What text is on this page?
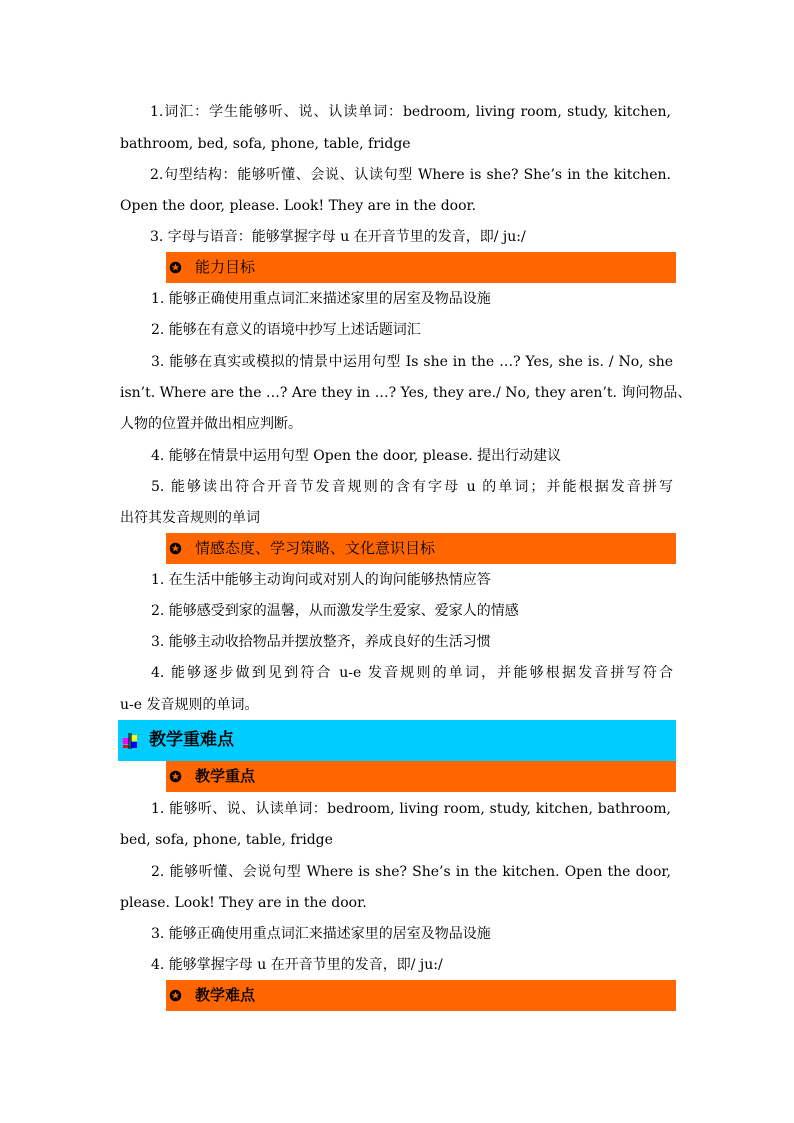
1.词汇：学生能够听、说、认读单词：bedroom, living room, study, kitchen,
bathroom, bed, sofa, phone, table, fridge
2.句型结构：能够听懂、会说、认读句型 Where is she? She’s in the kitchen.
Open the door, please. Look! They are in the door.
3. 字母与语音：能够掌握字母 u 在开音节里的发音，即/ ju:/
能力目标
1. 能够正确使用重点词汇来描述家里的居室及物品设施
2. 能够在有意义的语境中抄写上述话题词汇
3. 能够在真实或模拟的情景中运用句型 Is she in the …? Yes, she is. / No, she
isn’t. Where are the …? Are they in …? Yes, they are./ No, they aren’t. 询问物品、
人物的位置并做出相应判断。
4. 能够在情景中运用句型 Open the door, please. 提出行动建议
5. 能够读出符合开音节发音规则的含有字母 u 的单词；并能根据发音拼写
出符其发音规则的单词
情感态度、学习策略、文化意识目标
1. 在生活中能够主动询问或对别人的询问能够热情应答
2. 能够感受到家的温馨，从而激发学生爱家、爱家人的情感
3. 能够主动收拾物品并摆放整齐，养成良好的生活习惯
4. 能够逐步做到见到符合 u-e 发音规则的单词，并能够根据发音拼写符合
u-e 发音规则的单词。
教学重难点
教学重点
1. 能够听、说、认读单词：bedroom, living room, study, kitchen, bathroom,
bed, sofa, phone, table, fridge
2. 能够听懂、会说句型 Where is she? She’s in the kitchen. Open the door,
please. Look! They are in the door.
3. 能够正确使用重点词汇来描述家里的居室及物品设施
4. 能够掌握字母 u 在开音节里的发音，即/ ju:/
教学难点
